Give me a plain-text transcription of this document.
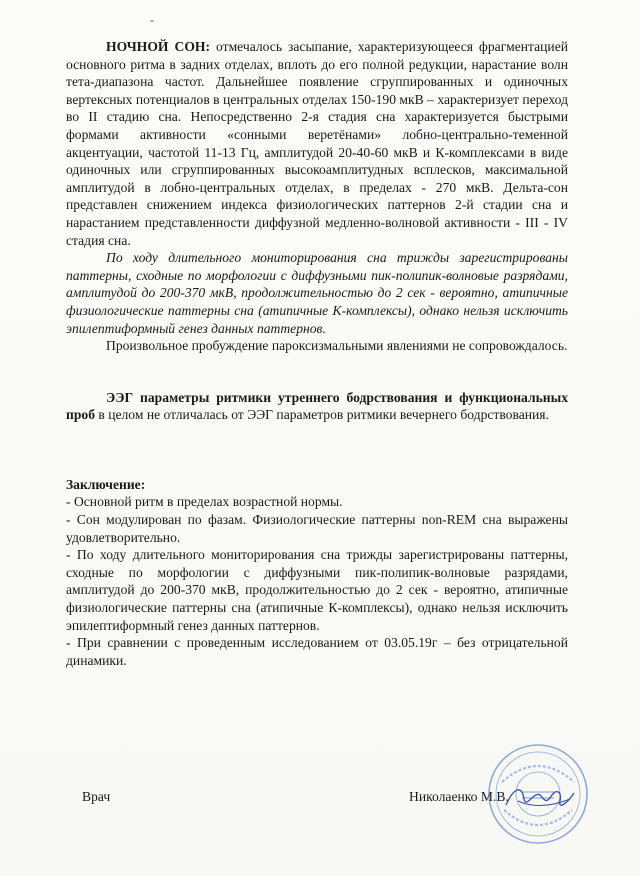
НОЧНОЙ СОН: отмечалось засыпание, характеризующееся фрагментацией основного ритма в задних отделах, вплоть до его полной редукции, нарастание волн тета-диапазона частот. Дальнейшее появление сгруппированных и одиночных вертексных потенциалов в центральных отделах 150-190 мкВ – характеризует переход во II стадию сна. Непосредственно 2-я стадия сна характеризуется быстрыми формами активности «сонными веретёнами» лобно-центрально-теменной акцентуации, частотой 11-13 Гц, амплитудой 20-40-60 мкВ и К-комплексами в виде одиночных или сгруппированных высокоамплитудных всплесков, максимальной амплитудой в лобно-центральных отделах, в пределах - 270 мкВ. Дельта-сон представлен снижением индекса физиологических паттернов 2-й стадии сна и нарастанием представленности диффузной медленно-волновой активности - III - IV стадия сна.

По ходу длительного мониторирования сна трижды зарегистрированы паттерны, сходные по морфологии с диффузными пик-полипик-волновые разрядами, амплитудой до 200-370 мкВ, продолжительностью до 2 сек - вероятно, атипичные физиологические паттерны сна (атипичные К-комплексы), однако нельзя исключить эпилептиформный генез данных паттернов.

Произвольное пробуждение пароксизмальными явлениями не сопровождалось.

ЭЭГ параметры ритмики утреннего бодрствования и функциональных проб в целом не отличалась от ЭЭГ параметров ритмики вечернего бодрствования.

Заключение:

- Основной ритм в пределах возрастной нормы.
- Сон модулирован по фазам. Физиологические паттерны non-REM сна выражены удовлетворительно.
- По ходу длительного мониторирования сна трижды зарегистрированы паттерны, сходные по морфологии с диффузными пик-полипик-волновые разрядами, амплитудой до 200-370 мкВ, продолжительностью до 2 сек - вероятно, атипичные физиологические паттерны сна (атипичные К-комплексы), однако нельзя исключить эпилептиформный генез данных паттернов.
- При сравнении с проведенным исследованием от 03.05.19г – без отрицательной динамики.
Врач	Николаенко М.В.
